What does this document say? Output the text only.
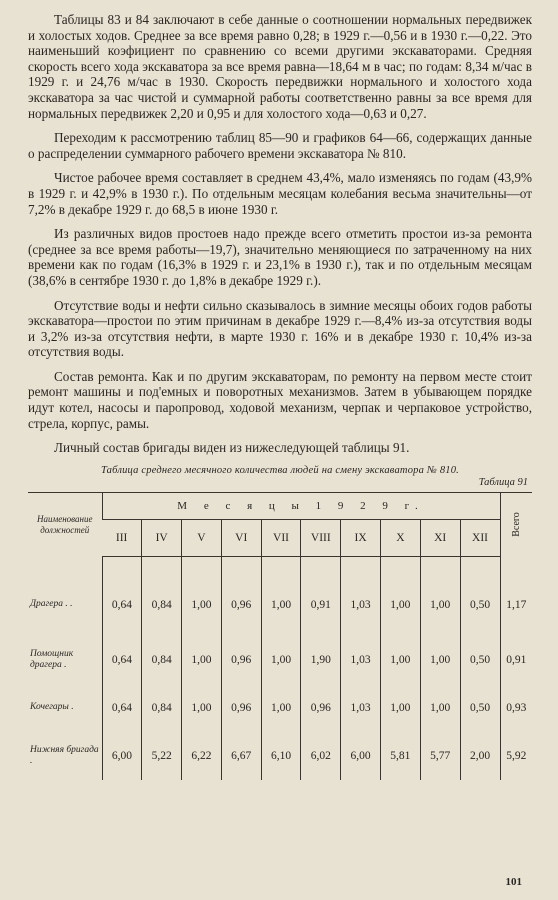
Таблицы 83 и 84 заключают в себе данные о соотношении нормальных передвижек и холостых ходов. Среднее за все время равно 0,28; в 1929 г.—0,56 и в 1930 г.—0,22. Это наименьший коэфициент по сравнению со всеми другими экскаваторами. Средняя скорость всего хода экскаватора за все время равна—18,64 м в час; по годам: 8,34 м/час в 1929 г. и 24,76 м/час в 1930. Скорость передвижки нормального и холостого хода экскаватора за час чистой и суммарной работы соответственно равны за все время для нормальных передвижек 2,20 и 0,95 и для холостого хода—0,63 и 0,27.

Переходим к рассмотрению таблиц 85—90 и графиков 64—66, содержащих данные о распределении суммарного рабочего времени экскаватора № 810.

Чистое рабочее время составляет в среднем 43,4%, мало изменяясь по годам (43,9% в 1929 г. и 42,9% в 1930 г.). По отдельным месяцам колебания весьма значительны—от 7,2% в декабре 1929 г. до 68,5 в июне 1930 г.

Из различных видов простоев надо прежде всего отметить простои из-за ремонта (среднее за все время работы—19,7), значительно меняющиеся по затраченному на них времени как по годам (16,3% в 1929 г. и 23,1% в 1930 г.), так и по отдельным месяцам (38,6% в сентябре 1930 г. до 1,8% в декабре 1929 г.).

Отсутствие воды и нефти сильно сказывалось в зимние месяцы обоих годов работы экскаватора—простои по этим причинам в декабре 1929 г.—8,4% из-за отсутствия воды и 3,2% из-за отсутствия нефти, в марте 1930 г. 16% и в декабре 1930 г. 10,4% из-за отсутствия воды.

Состав ремонта. Как и по другим экскаваторам, по ремонту на первом месте стоит ремонт машины и под'емных и поворотных механизмов. Затем в убывающем порядке идут котел, насосы и паропровод, ходовой механизм, черпак и черпаковое устройство, стрела, корпус, рамы.

Личный состав бригады виден из нижеследующей таблицы 91.

Таблица среднего месячного количества людей на смену экскаватора № 810.
Таблица 91
Наименование должностей	М е с я ц ы 1 9 2 9 г.										Всего
	III	IV	V	VI	VII	VIII	IX	X	XI	XII	
Драгера . .	0,64	0,84	1,00	0,96	1,00	0,91	1,03	1,00	1,00	0,50	1,17
Помощник драгера .	0,64	0,84	1,00	0,96	1,00	1,90	1,03	1,00	1,00	0,50	0,91
Кочегары .	0,64	0,84	1,00	0,96	1,00	0,96	1,03	1,00	1,00	0,50	0,93
Нижняя бригада .	6,00	5,22	6,22	6,67	6,10	6,02	6,00	5,81	5,77	2,00	5,92
101
